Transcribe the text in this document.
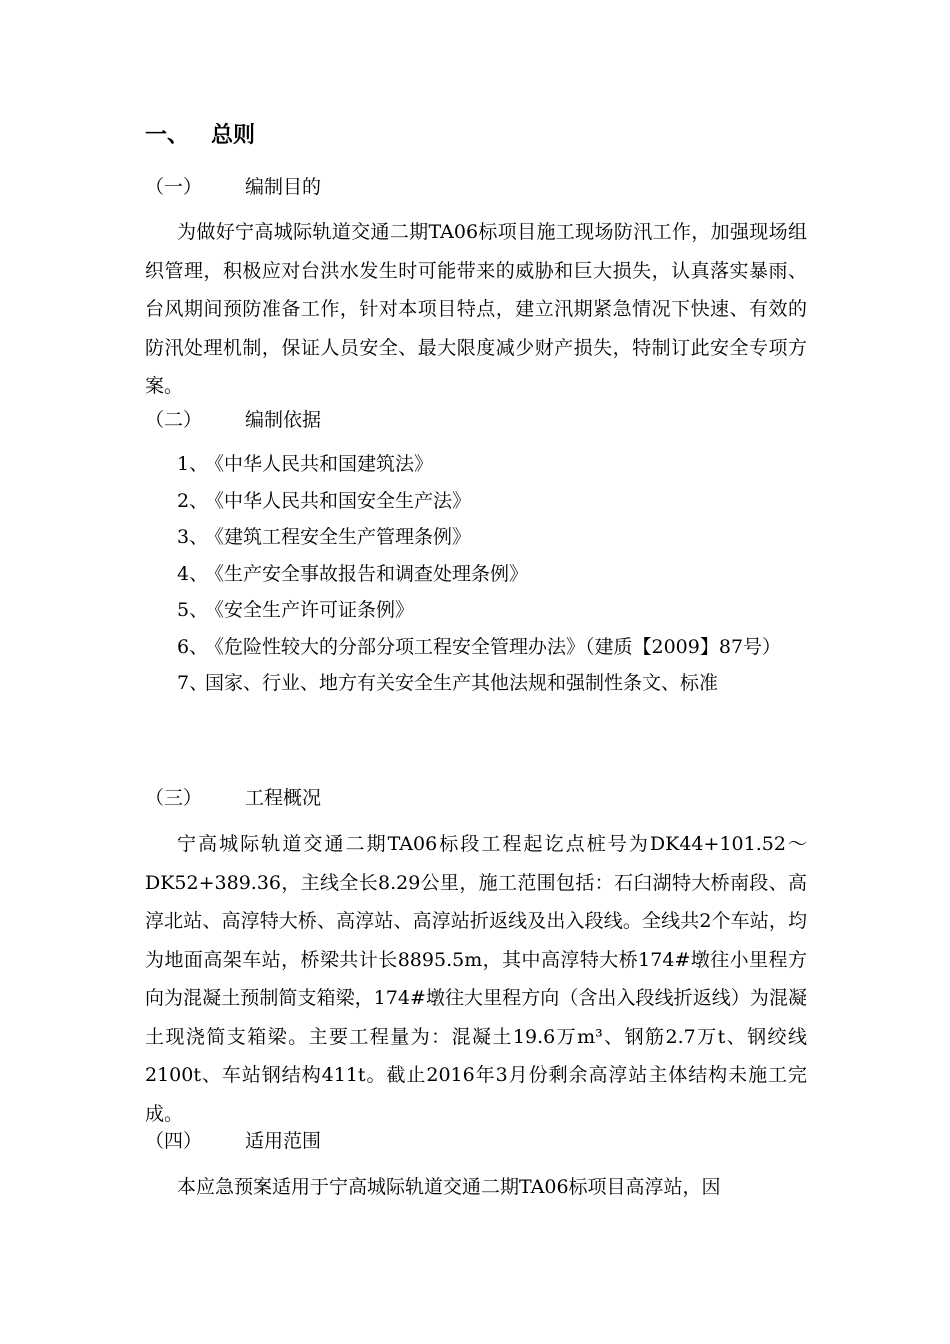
一、 总则
（一） 编制目的

为做好宁高城际轨道交通二期TA06标项目施工现场防汛工作，加强现场组织管理，积极应对台洪水发生时可能带来的威胁和巨大损失，认真落实暴雨、台风期间预防准备工作，针对本项目特点，建立汛期紧急情况下快速、有效的防汛处理机制，保证人员安全、最大限度减少财产损失，特制订此安全专项方案。

（二） 编制依据
1、
《中华人民共和国建筑法》
2、
《中华人民共和国安全生产法》
3、
《建筑工程安全生产管理条例》
4、
《生产安全事故报告和调查处理条例》
5、
《安全生产许可证条例》
6、
《危险性较大的分部分项工程安全管理办法》（建质【2009】87号）
7、
国家、行业、地方有关安全生产其他法规和强制性条文、标准
（三） 工程概况

宁高城际轨道交通二期TA06标段工程起讫点桩号为DK44+101.52～DK52+389.36，主线全长8.29公里，施工范围包括：石臼湖特大桥南段、高淳北站、高淳特大桥、高淳站、高淳站折返线及出入段线。全线共2个车站，均为地面高架车站，桥梁共计长8895.5m，其中高淳特大桥174#墩往小里程方向为混凝土预制简支箱梁，174#墩往大里程方向（含出入段线折返线）为混凝土现浇简支箱梁。主要工程量为：混凝土19.6万m³、钢筋2.7万t、钢绞线2100t、车站钢结构411t。截止2016年3月份剩余高淳站主体结构未施工完成。

（四） 适用范围

本应急预案适用于宁高城际轨道交通二期TA06标项目高淳站，因
